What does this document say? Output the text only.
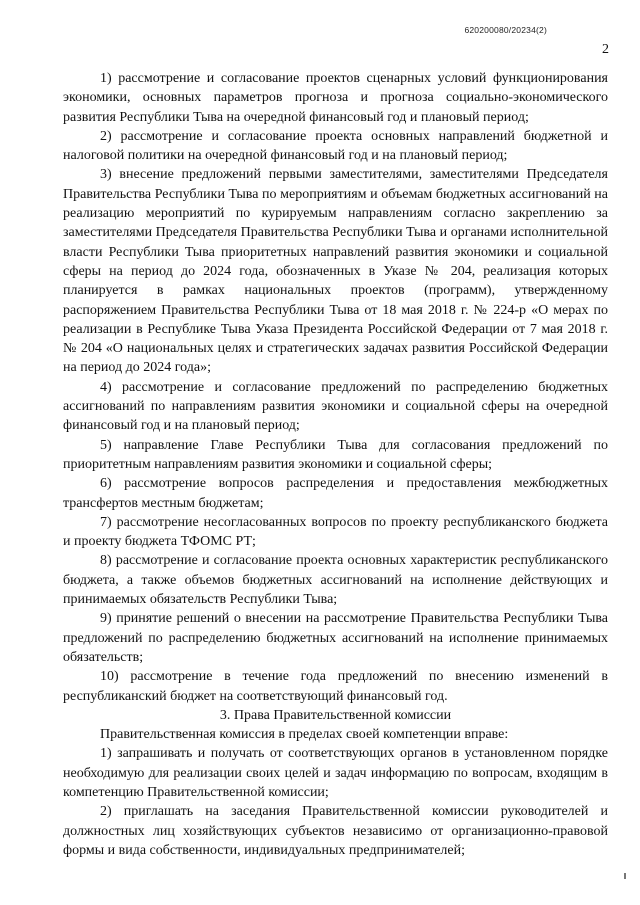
620200080/20234(2)
2

1) рассмотрение и согласование проектов сценарных условий функционирования экономики, основных параметров прогноза и прогноза социально-экономического развития Республики Тыва на очередной финансовый год и плановый период;

2) рассмотрение и согласование проекта основных направлений бюджетной и налоговой политики на очередной финансовый год и на плановый период;

3) внесение предложений первыми заместителями, заместителями Председателя Правительства Республики Тыва по мероприятиям и объемам бюджетных ассигнований на реализацию мероприятий по курируемым направлениям согласно закреплению за заместителями Председателя Правительства Республики Тыва и органами исполнительной власти Республики Тыва приоритетных направлений развития экономики и социальной сферы на период до 2024 года, обозначенных в Указе № 204, реализация которых планируется в рамках национальных проектов (программ), утвержденному распоряжением Правительства Республики Тыва от 18 мая 2018 г. № 224-р «О мерах по реализации в Республике Тыва Указа Президента Российской Федерации от 7 мая 2018 г. № 204 «О национальных целях и стратегических задачах развития Российской Федерации на период до 2024 года»;

4) рассмотрение и согласование предложений по распределению бюджетных ассигнований по направлениям развития экономики и социальной сферы на очередной финансовый год и на плановый период;

5) направление Главе Республики Тыва для согласования предложений по приоритетным направлениям развития экономики и социальной сферы;

6) рассмотрение вопросов распределения и предоставления межбюджетных трансфертов местным бюджетам;

7) рассмотрение несогласованных вопросов по проекту республиканского бюджета и проекту бюджета ТФОМС РТ;

8) рассмотрение и согласование проекта основных характеристик республиканского бюджета, а также объемов бюджетных ассигнований на исполнение действующих и принимаемых обязательств Республики Тыва;

9) принятие решений о внесении на рассмотрение Правительства Республики Тыва предложений по распределению бюджетных ассигнований на исполнение принимаемых обязательств;

10) рассмотрение в течение года предложений по внесению изменений в республиканский бюджет на соответствующий финансовый год.

3. Права Правительственной комиссии

Правительственная комиссия в пределах своей компетенции вправе:

1) запрашивать и получать от соответствующих органов в установленном порядке необходимую для реализации своих целей и задач информацию по вопросам, входящим в компетенцию Правительственной комиссии;

2) приглашать на заседания Правительственной комиссии руководителей и должностных лиц хозяйствующих субъектов независимо от организационно-правовой формы и вида собственности, индивидуальных предпринимателей;
